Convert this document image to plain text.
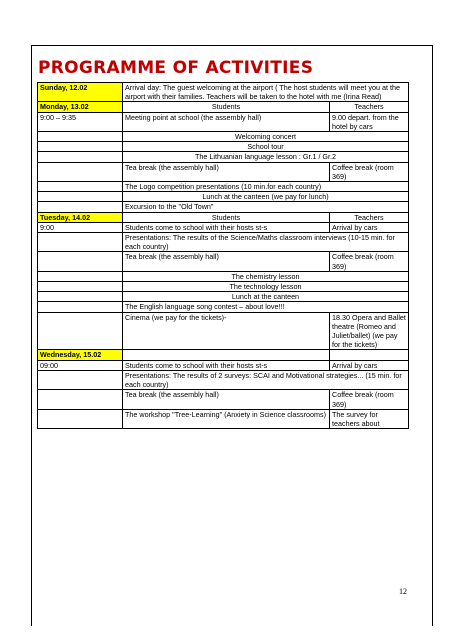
PROGRAMME OF ACTIVITIES
Sunday, 12.02	Arrival day: The guest welcoming at the airport ( The host students will meet you at the airport with their families. Teachers will be taken to the hotel with me (Irina Read)	
Monday, 13.02	Students	Teachers
9:00 – 9:35	Meeting point at school (the assembly hall)	9.00 depart. from the hotel by cars
	Welcoming concert	
	School tour	
	The Lithuanian language lesson : Gr.1 / Gr.2	
	Tea break (the assembly hall)	Coffee break (room 369)
	The Logo competition presentations (10 min.for each country)	
	Lunch at the canteen (we pay for lunch)	
	Excursion to the "Old Town"	
Tuesday, 14.02	Students	Teachers
9:00	Students come to school with their hosts st-s	Arrival by cars
	Presentations: The results of the Science/Maths classroom interviews (10-15 min. for each country)	
	Tea break (the assembly hall)	Coffee break (room 369)
	The chemistry lesson	
	The technology lesson	
	Lunch at the canteen	
	The English language song contest – about love!!!	
	Cinema (we pay for the tickets)-	18.30 Opera and Ballet theatre (Romeo and Juliet/ballet) (we pay for the tickets)
Wednesday, 15.02		
09:00	Students come to school with their hosts st-s	Arrival by cars
	Presentations: The results of 2 surveys: SCAI and Motivational strategies... (15 min. for each country)	
	Tea break (the assembly hall)	Coffee break (room 369)
	The workshop "Tree-Learning" (Anxiety in Science classrooms)	The survey for teachers about
12
